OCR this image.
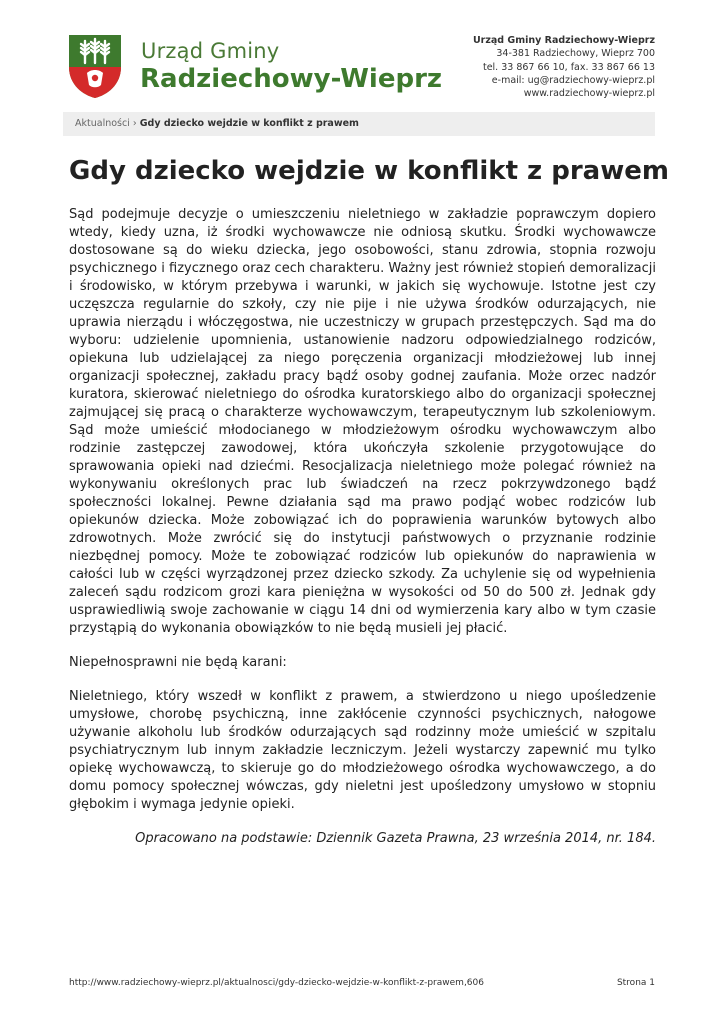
Urząd Gminy
Radziechowy-Wieprz
Urząd Gminy Radziechowy-Wieprz
34-381 Radziechowy, Wieprz 700
tel. 33 867 66 10, fax. 33 867 66 13
e-mail: ug@radziechowy-wieprz.pl
www.radziechowy-wieprz.pl
Aktualności › Gdy dziecko wejdzie w konflikt z prawem
Gdy dziecko wejdzie w konflikt z prawem

Sąd podejmuje decyzje o umieszczeniu nieletniego w zakładzie poprawczym dopiero wtedy, kiedy uzna, iż środki wychowawcze nie odniosą skutku. Środki wychowawcze dostosowane są do wieku dziecka, jego osobowości, stanu zdrowia, stopnia rozwoju psychicznego i fizycznego oraz cech charakteru. Ważny jest również stopień demoralizacji i środowisko, w którym przebywa i warunki, w jakich się wychowuje. Istotne jest czy uczęszcza regularnie do szkoły, czy nie pije i nie używa środków odurzających, nie uprawia nierządu i włóczęgostwa, nie uczestniczy w grupach przestępczych. Sąd ma do wyboru: udzielenie upomnienia, ustanowienie nadzoru odpowiedzialnego rodziców, opiekuna lub udzielającej za niego poręczenia organizacji młodzieżowej lub innej organizacji społecznej, zakładu pracy bądź osoby godnej zaufania. Może orzec nadzór kuratora, skierować nieletniego do ośrodka kuratorskiego albo do organizacji społecznej zajmującej się pracą o charakterze wychowawczym, terapeutycznym lub szkoleniowym. Sąd może umieścić młodocianego w młodzieżowym ośrodku wychowawczym albo rodzinie zastępczej zawodowej, która ukończyła szkolenie przygotowujące do sprawowania opieki nad dziećmi. Resocjalizacja nieletniego może polegać również na wykonywaniu określonych prac lub świadczeń na rzecz pokrzywdzonego bądź społeczności lokalnej. Pewne działania sąd ma prawo podjąć wobec rodziców lub opiekunów dziecka. Może zobowiązać ich do poprawienia warunków bytowych albo zdrowotnych. Może zwrócić się do instytucji państwowych o przyznanie rodzinie niezbędnej pomocy. Może te zobowiązać rodziców lub opiekunów do naprawienia w całości lub w części wyrządzonej przez dziecko szkody. Za uchylenie się od wypełnienia zaleceń sądu rodzicom grozi kara pieniężna w wysokości od 50 do 500 zł. Jednak gdy usprawiedliwią swoje zachowanie w ciągu 14 dni od wymierzenia kary albo w tym czasie przystąpią do wykonania obowiązków to nie będą musieli jej płacić.

Niepełnosprawni nie będą karani:

Nieletniego, który wszedł w konflikt z prawem, a stwierdzono u niego upośledzenie umysłowe, chorobę psychiczną, inne zakłócenie czynności psychicznych, nałogowe używanie alkoholu lub środków odurzających sąd rodzinny może umieścić w szpitalu psychiatrycznym lub innym zakładzie leczniczym. Jeżeli wystarczy zapewnić mu tylko opiekę wychowawczą, to skieruje go do młodzieżowego ośrodka wychowawczego, a do domu pomocy społecznej wówczas, gdy nieletni jest upośledzony umysłowo w stopniu głębokim i wymaga jedynie opieki.

Opracowano na podstawie: Dziennik Gazeta Prawna, 23 września 2014, nr. 184.

http://www.radziechowy-wieprz.pl/aktualnosci/gdy-dziecko-wejdzie-w-konflikt-z-prawem,606	Strona 1
